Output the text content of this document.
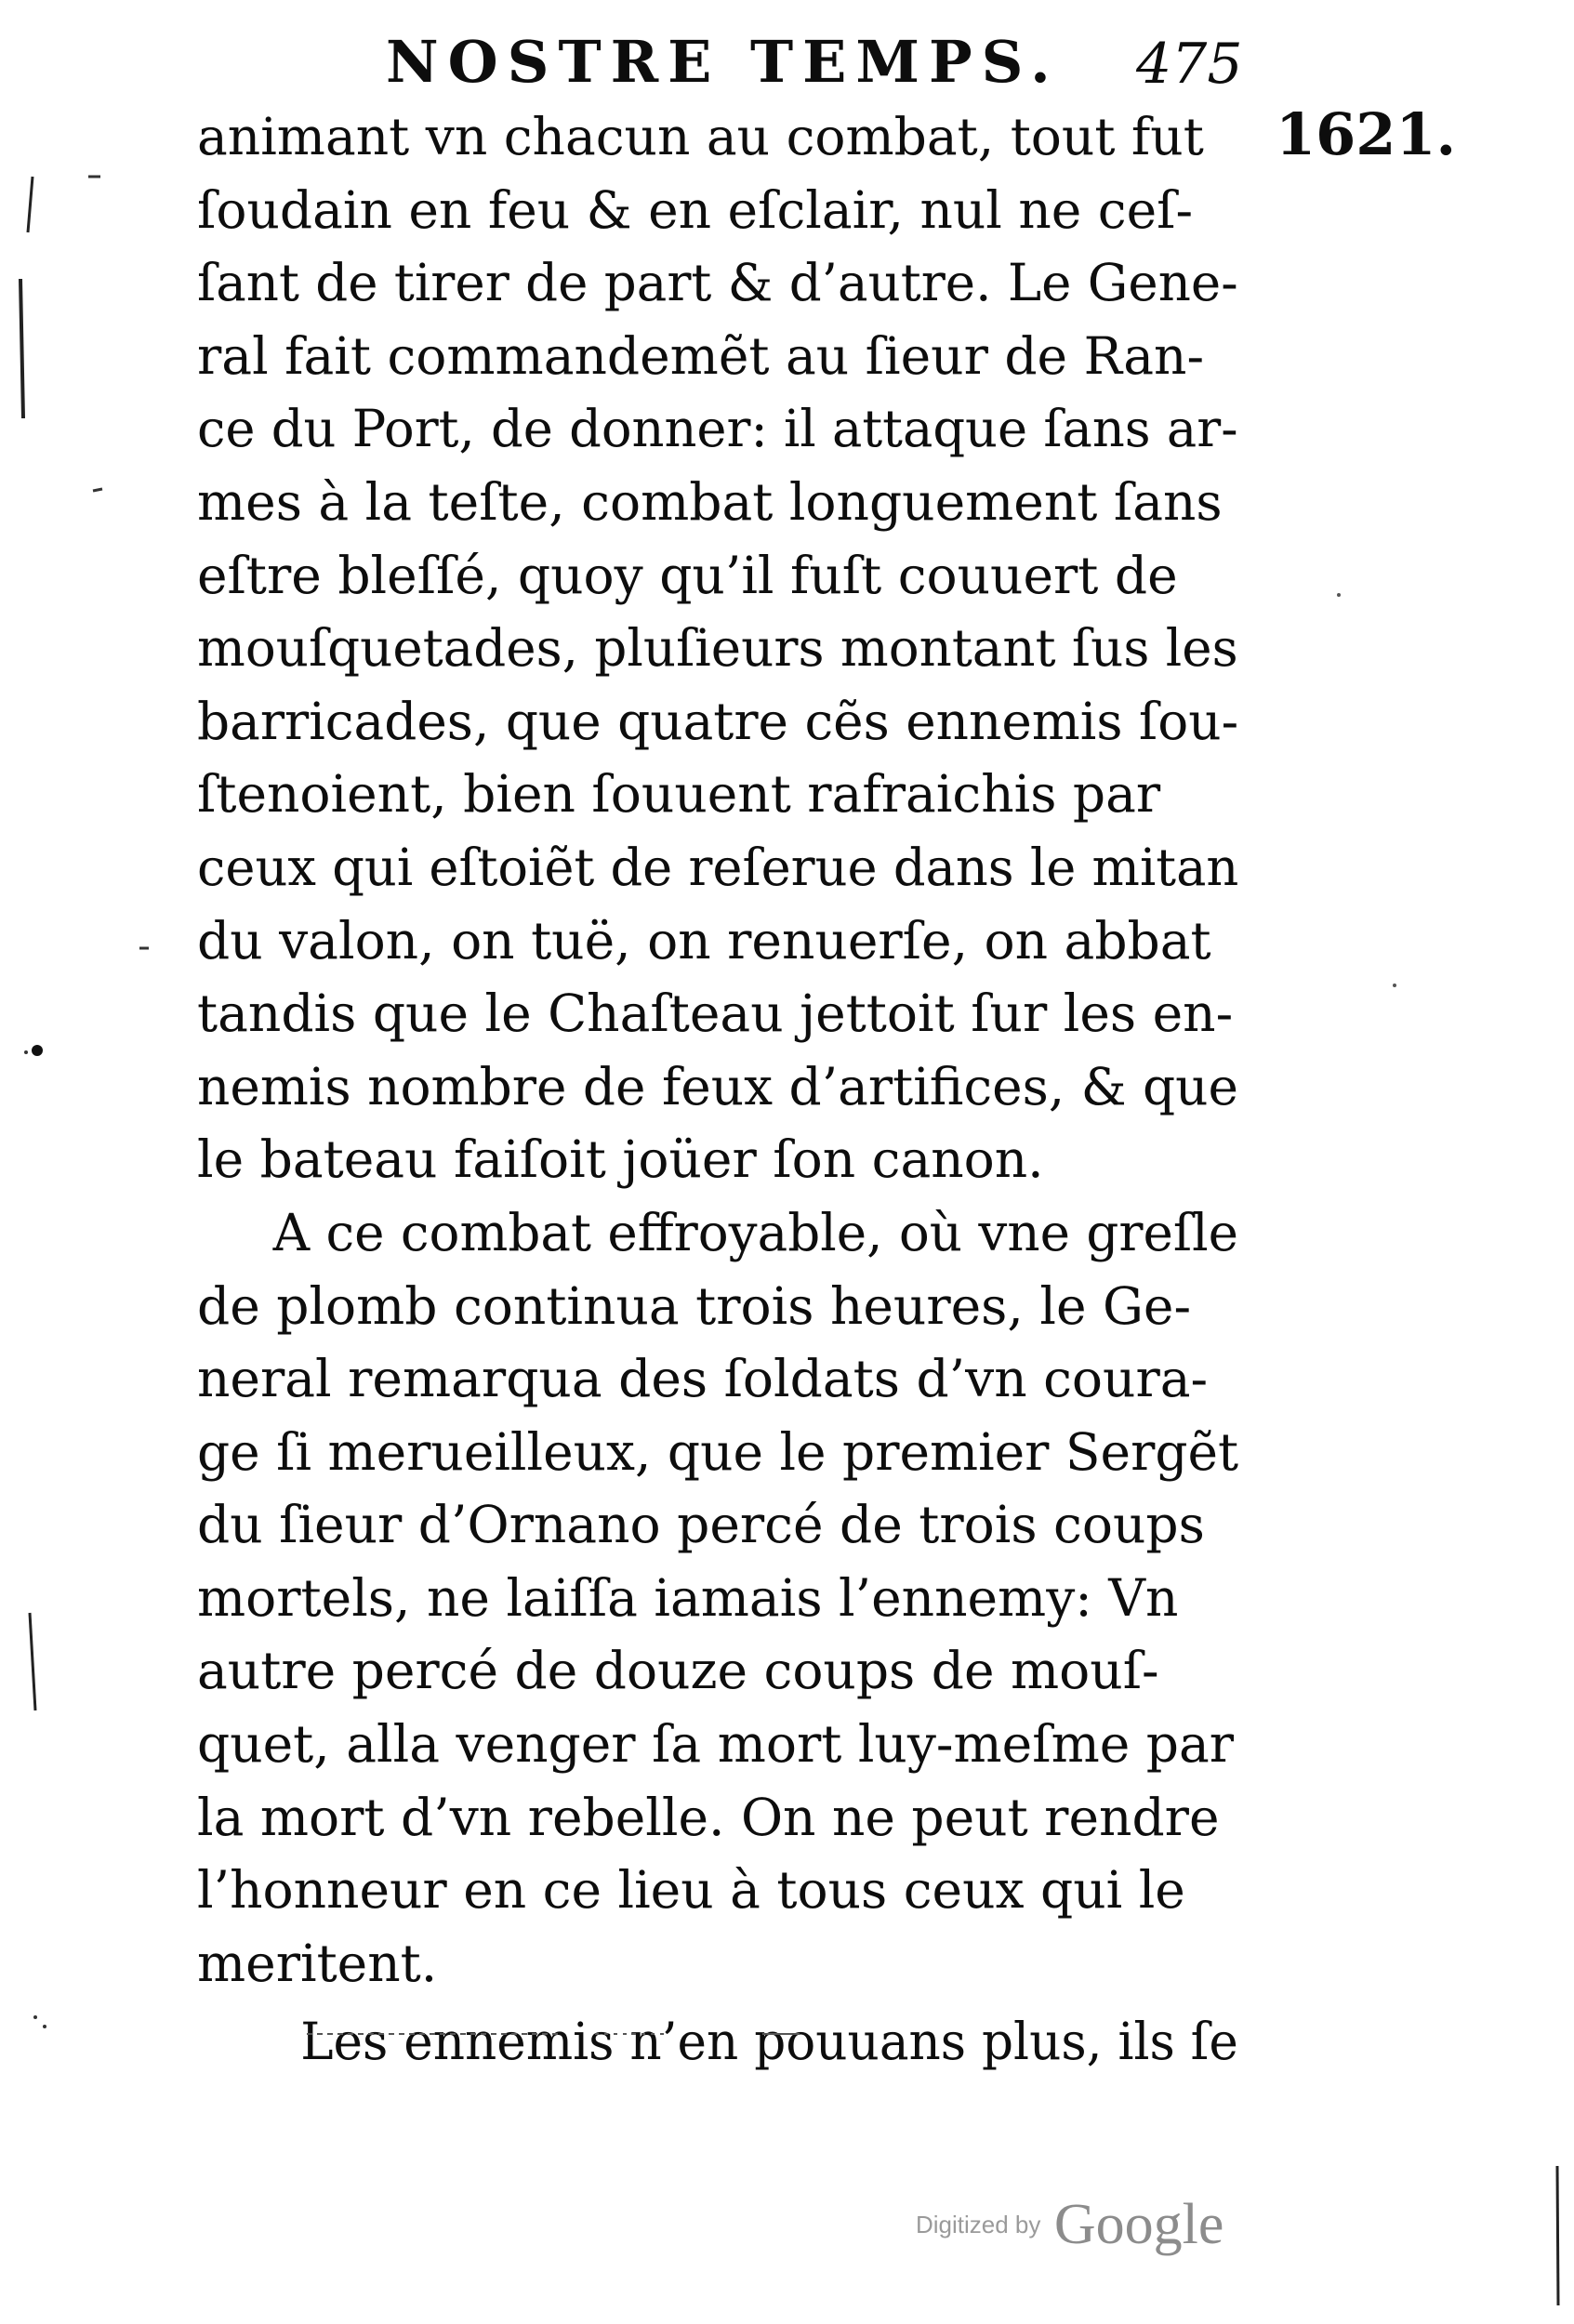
NOSTRE TEMPS. 475
1621.
animant vn chacun au combat, tout fut
ſoudain en feu & en eſclair, nul ne ceſ-
ſant de tirer de part & d’autre. Le Gene-
ral fait commandemẽt au ſieur de Ran-
ce du Port, de donner: il attaque ſans ar-
mes à la teſte, combat longuement ſans
eſtre bleſſé, quoy qu’il fuſt couuert de
mouſquetades, pluſieurs montant ſus les
barricades, que quatre cẽs ennemis ſou-
ſtenoient, bien ſouuent rafraichis par
ceux qui eſtoiẽt de reſerue dans le mitan
du valon, on tuë, on renuerſe, on abbat
tandis que le Chaſteau jettoit ſur les en-
nemis nombre de feux d’artifices, & que
le bateau faiſoit joüer ſon canon.
A ce combat effroyable, où vne greſle
de plomb continua trois heures, le Ge-
neral remarqua des ſoldats d’vn coura-
ge ſi merueilleux, que le premier Sergẽt
du ſieur d’Ornano percé de trois coups
mortels, ne laiſſa iamais l’ennemy: Vn
autre percé de douze coups de mouſ-
quet, alla venger ſa mort luy-meſme par
la mort d’vn rebelle. On ne peut rendre
l’honneur en ce lieu à tous ceux qui le
meritent.
Les ennemis n’en pouuans plus, ils ſe
Digitized by Google
